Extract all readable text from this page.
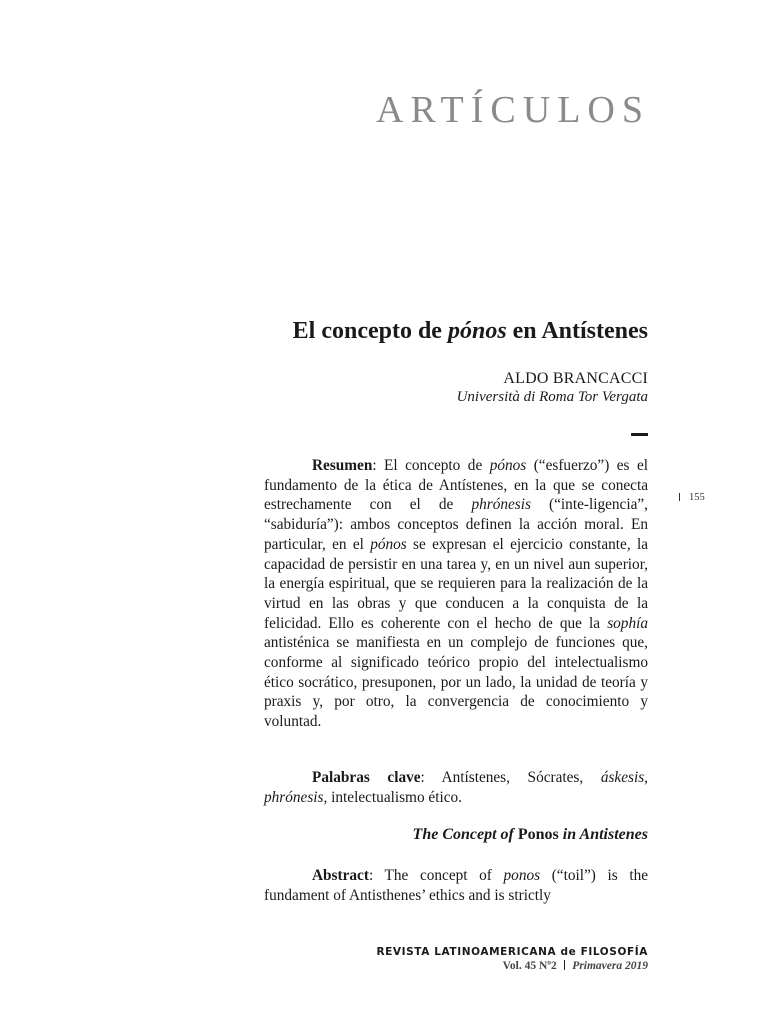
ARTÍCULOS
El concepto de pónos en Antístenes
ALDO BRANCACCI
Università di Roma Tor Vergata

Resumen: El concepto de pónos (“esfuerzo”) es el fundamento de la ética de Antístenes, en la que se conecta estrechamente con el de phrónesis (“inte-ligencia”, “sabiduría”): ambos conceptos definen la acción moral. En particular, en el pónos se expresan el ejercicio constante, la capacidad de persistir en una tarea y, en un nivel aun superior, la energía espiritual, que se requieren para la realización de la virtud en las obras y que conducen a la conquista de la felicidad. Ello es coherente con el hecho de que la sophía antisténica se manifiesta en un complejo de funciones que, conforme al significado teórico propio del intelectualismo ético socrático, presuponen, por un lado, la unidad de teoría y praxis y, por otro, la convergencia de conocimiento y voluntad.

Palabras clave: Antístenes, Sócrates, áskesis, phrónesis, intelectualismo ético.

The Concept of Ponos in Antistenes

Abstract: The concept of ponos (“toil”) is the fundament of Antisthenes’ ethics and is strictly

155
REVISTA LATINOAMERICANA de FILOSOFÍA
Vol. 45 Nº2 Primavera 2019
